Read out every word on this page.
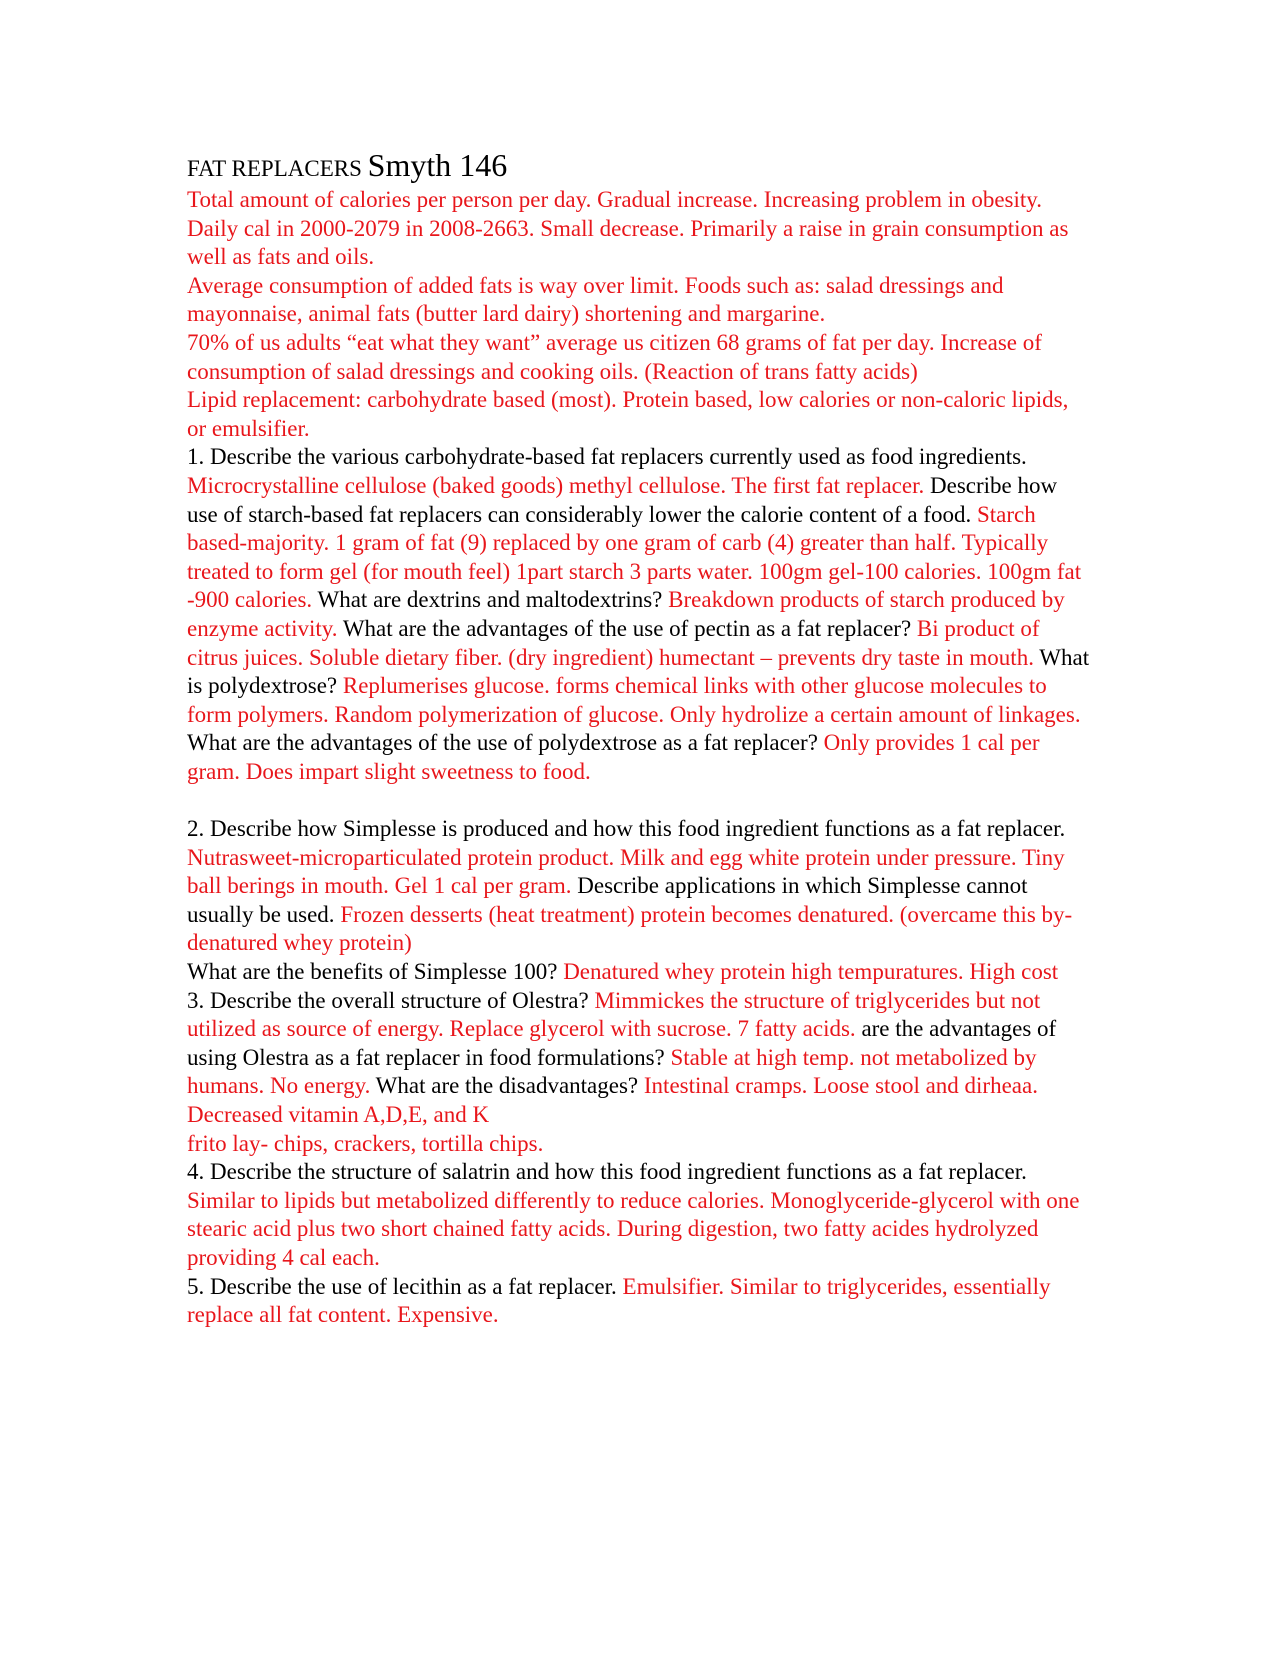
FAT REPLACERS Smyth 146

Total amount of calories per person per day. Gradual increase. Increasing problem in obesity. Daily cal in 2000-2079 in 2008-2663. Small decrease. Primarily a raise in grain consumption as well as fats and oils.

Average consumption of added fats is way over limit. Foods such as: salad dressings and mayonnaise, animal fats (butter lard dairy) shortening and margarine.

70% of us adults “eat what they want” average us citizen 68 grams of fat per day. Increase of consumption of salad dressings and cooking oils. (Reaction of trans fatty acids)

Lipid replacement: carbohydrate based (most). Protein based, low calories or non-caloric lipids, or emulsifier.

1. Describe the various carbohydrate-based fat replacers currently used as food ingredients. Microcrystalline cellulose (baked goods) methyl cellulose. The first fat replacer. Describe how use of starch-based fat replacers can considerably lower the calorie content of a food. Starch based-majority. 1 gram of fat (9) replaced by one gram of carb (4) greater than half. Typically treated to form gel (for mouth feel) 1part starch 3 parts water. 100gm gel-100 calories. 100gm fat -900 calories. What are dextrins and maltodextrins? Breakdown products of starch produced by enzyme activity. What are the advantages of the use of pectin as a fat replacer? Bi product of citrus juices. Soluble dietary fiber. (dry ingredient) humectant – prevents dry taste in mouth. What is polydextrose? Replumerises glucose. forms chemical links with other glucose molecules to form polymers. Random polymerization of glucose. Only hydrolize a certain amount of linkages.

What are the advantages of the use of polydextrose as a fat replacer? Only provides 1 cal per gram. Does impart slight sweetness to food.

2. Describe how Simplesse is produced and how this food ingredient functions as a fat replacer. Nutrasweet-microparticulated protein product. Milk and egg white protein under pressure. Tiny ball berings in mouth. Gel 1 cal per gram. Describe applications in which Simplesse cannot usually be used. Frozen desserts (heat treatment) protein becomes denatured. (overcame this by- denatured whey protein)

What are the benefits of Simplesse 100? Denatured whey protein high tempuratures. High cost

3. Describe the overall structure of Olestra? Mimmickes the structure of triglycerides but not utilized as source of energy. Replace glycerol with sucrose. 7 fatty acids. are the advantages of using Olestra as a fat replacer in food formulations? Stable at high temp. not metabolized by humans. No energy. What are the disadvantages? Intestinal cramps. Loose stool and dirheaa. Decreased vitamin A,D,E, and K

frito lay- chips, crackers, tortilla chips.

4. Describe the structure of salatrin and how this food ingredient functions as a fat replacer. Similar to lipids but metabolized differently to reduce calories. Monoglyceride-glycerol with one stearic acid plus two short chained fatty acids. During digestion, two fatty acides hydrolyzed providing 4 cal each.

5. Describe the use of lecithin as a fat replacer. Emulsifier. Similar to triglycerides, essentially replace all fat content. Expensive.
